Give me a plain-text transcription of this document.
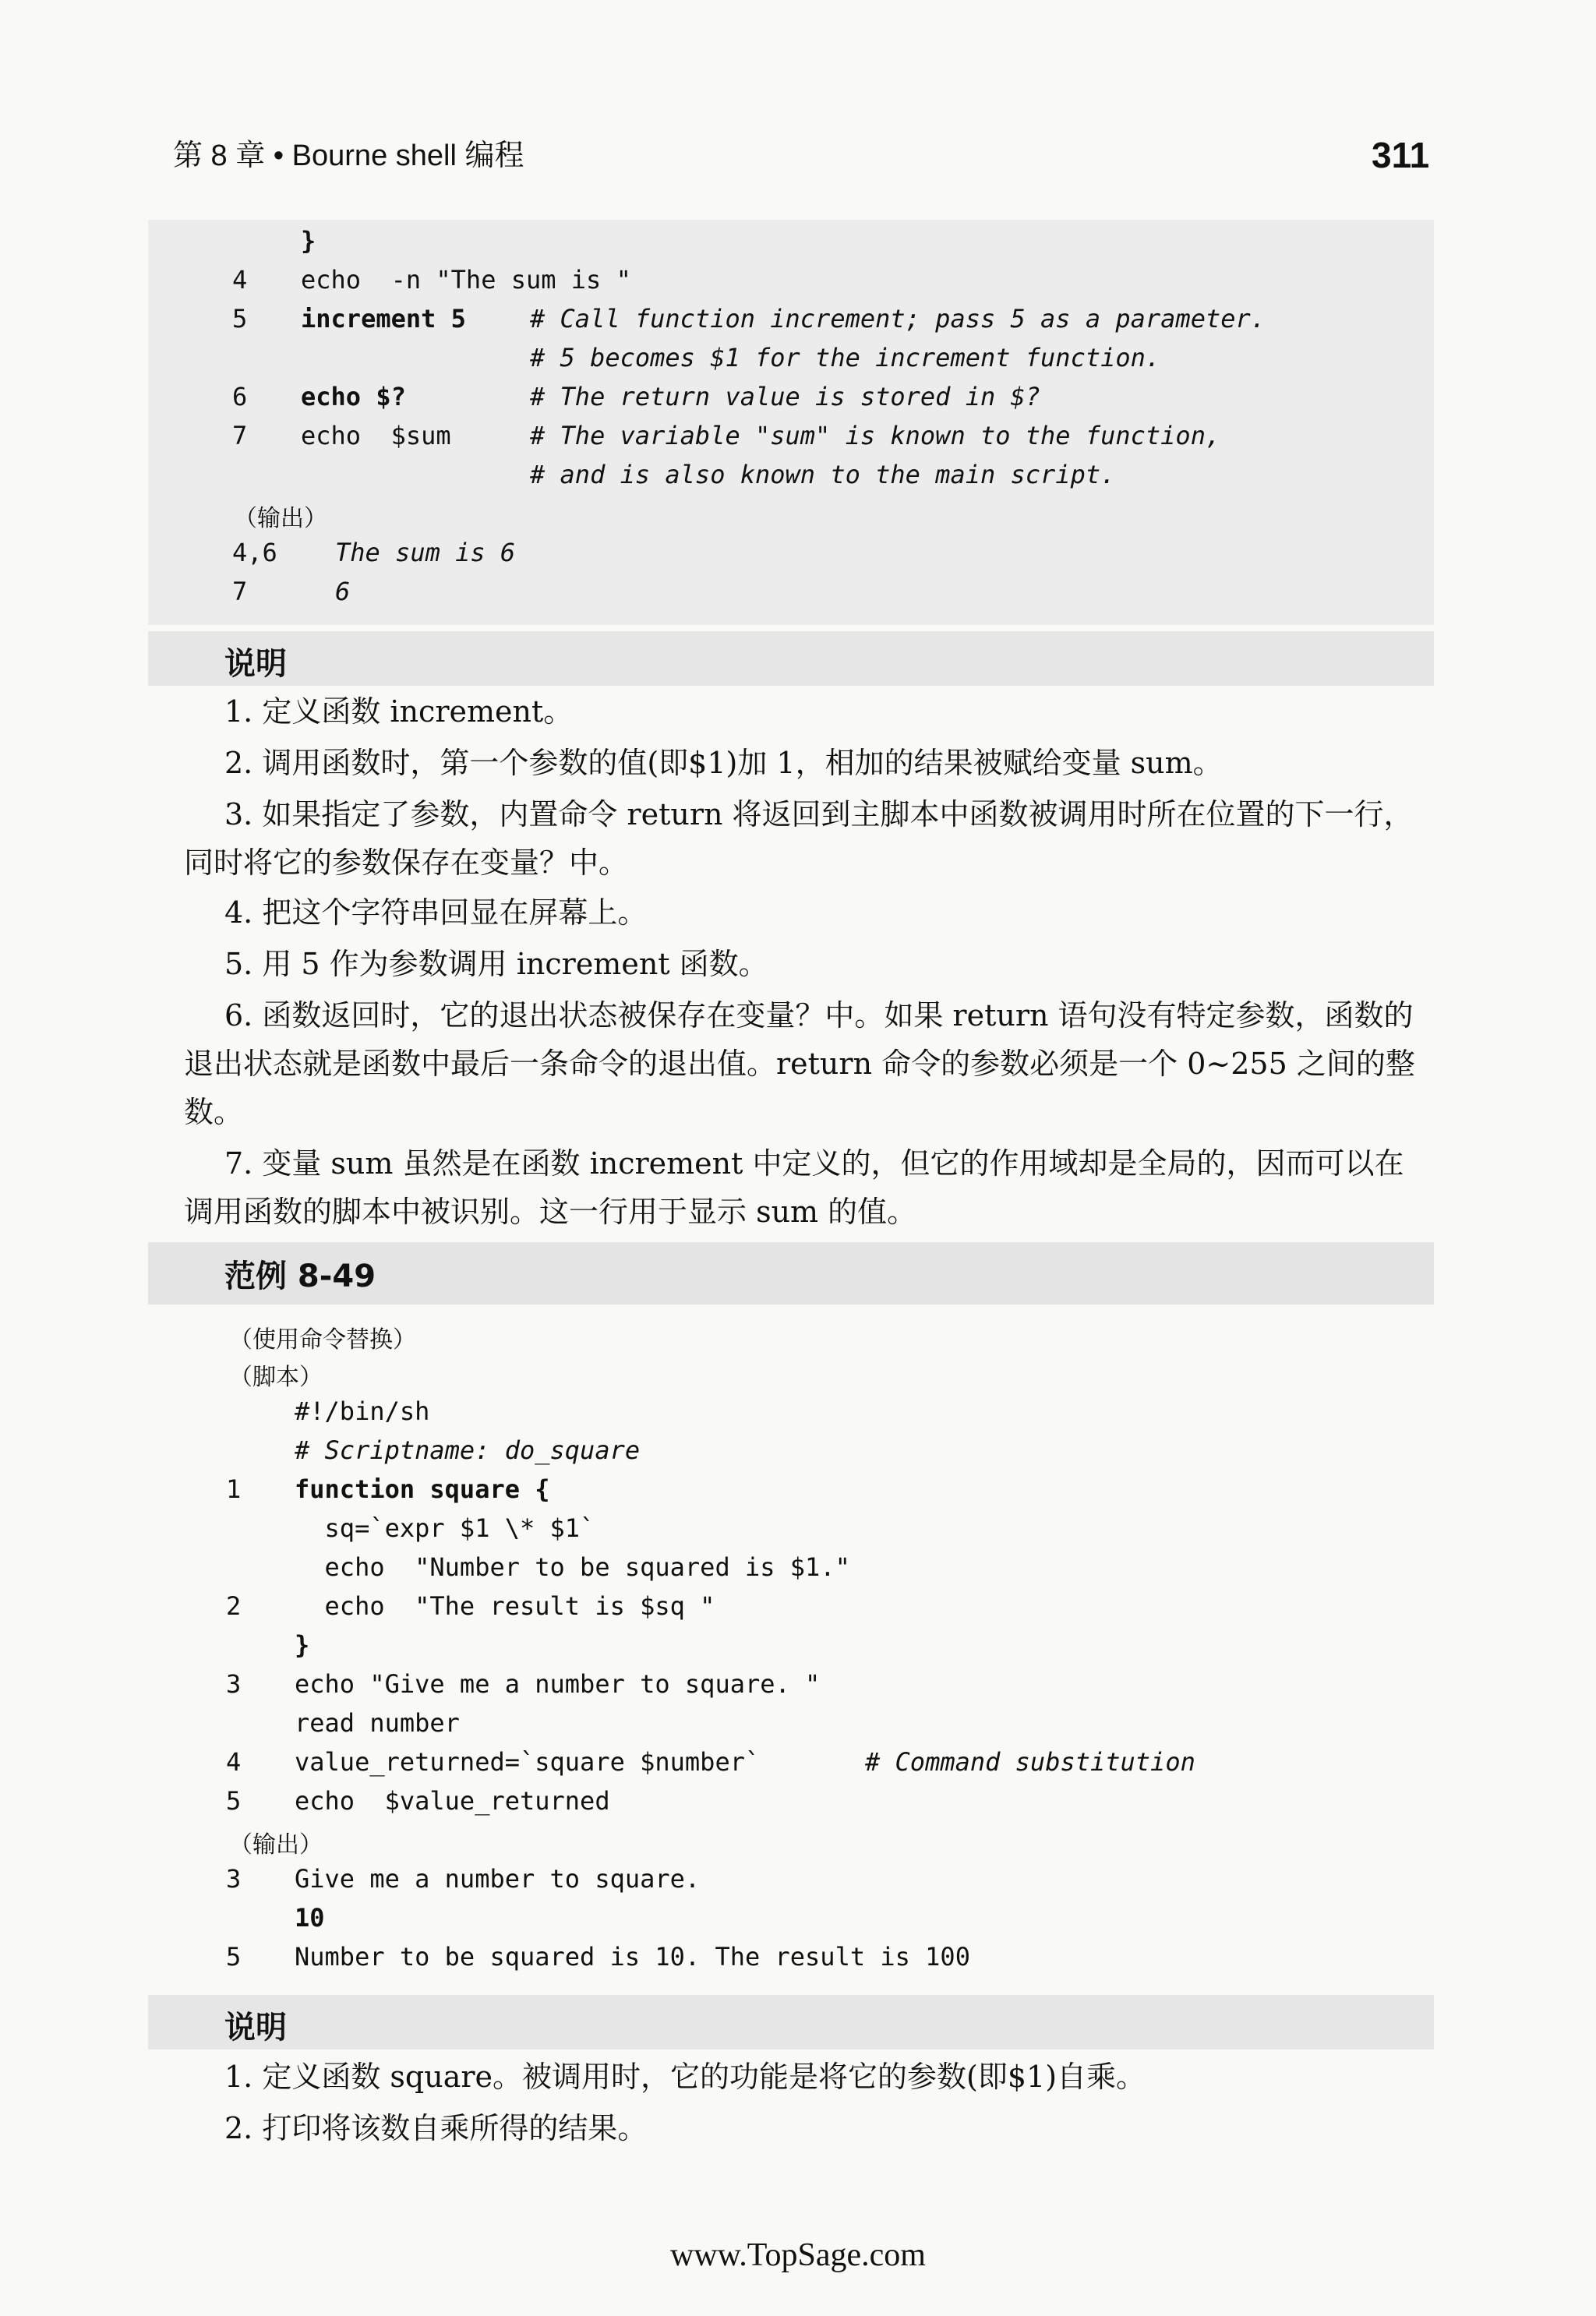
第 8 章 • Bourne shell 编程	311
}
4 echo  -n "The sum is "
5 increment 5	# Call function increment; pass 5 as a parameter.
# 5 becomes $1 for the increment function.
6 echo $?	# The return value is stored in $?
7 echo  $sum	# The variable "sum" is known to the function,
# and is also known to the main script.
（输出）
4,6 The sum is 6
7	6
说明
1. 定义函数 increment。
2. 调用函数时，第一个参数的值(即$1)加 1，相加的结果被赋给变量 sum。
3. 如果指定了参数，内置命令 return 将返回到主脚本中函数被调用时所在位置的下一行，同时将它的参数保存在变量？中。
4. 把这个字符串回显在屏幕上。
5. 用 5 作为参数调用 increment 函数。
6. 函数返回时，它的退出状态被保存在变量？中。如果 return 语句没有特定参数，函数的退出状态就是函数中最后一条命令的退出值。return 命令的参数必须是一个 0~255 之间的整数。
7. 变量 sum 虽然是在函数 increment 中定义的，但它的作用域却是全局的，因而可以在调用函数的脚本中被识别。这一行用于显示 sum 的值。
范例 8-49
（使用命令替换）
（脚本）
#!/bin/sh
# Scriptname: do_square
1 function square {
sq=`expr $1 \* $1`
echo  "Number to be squared is $1."
2 echo  "The result is $sq "
}
3 echo "Give me a number to square. "
read number
4 value_returned=`square $number`	# Command substitution
5 echo  $value_returned
（输出）
3 Give me a number to square.
10
5 Number to be squared is 10. The result is 100
说明
1. 定义函数 square。被调用时，它的功能是将它的参数(即$1)自乘。
2. 打印将该数自乘所得的结果。
www.TopSage.com
